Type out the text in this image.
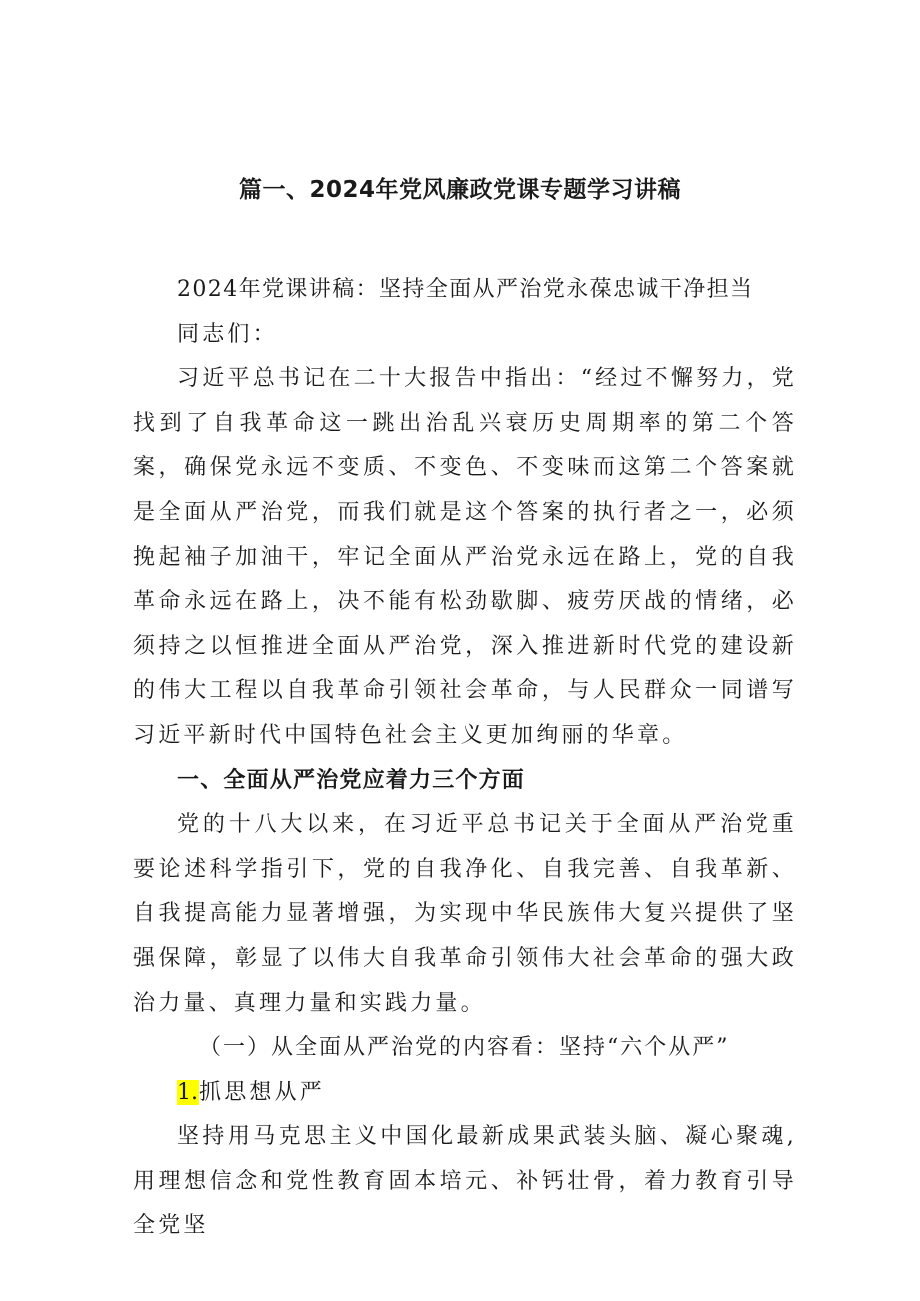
篇一、2024年党风廉政党课专题学习讲稿

2024年党课讲稿：坚持全面从严治党永葆忠诚干净担当

同志们：

习近平总书记在二十大报告中指出：“经过不懈努力，党找到了自我革命这一跳出治乱兴衰历史周期率的第二个答案，确保党永远不变质、不变色、不变味而这第二个答案就是全面从严治党，而我们就是这个答案的执行者之一，必须挽起袖子加油干，牢记全面从严治党永远在路上，党的自我革命永远在路上，决不能有松劲歇脚、疲劳厌战的情绪，必须持之以恒推进全面从严治党，深入推进新时代党的建设新的伟大工程以自我革命引领社会革命，与人民群众一同谱写习近平新时代中国特色社会主义更加绚丽的华章。

一、全面从严治党应着力三个方面

党的十八大以来，在习近平总书记关于全面从严治党重要论述科学指引下，党的自我净化、自我完善、自我革新、自我提高能力显著增强，为实现中华民族伟大复兴提供了坚强保障，彰显了以伟大自我革命引领伟大社会革命的强大政治力量、真理力量和实践力量。

（一）从全面从严治党的内容看：坚持“六个从严”

1.抓思想从严

坚持用马克思主义中国化最新成果武装头脑、凝心聚魂,用理想信念和党性教育固本培元、补钙壮骨，着力教育引导全党坚
